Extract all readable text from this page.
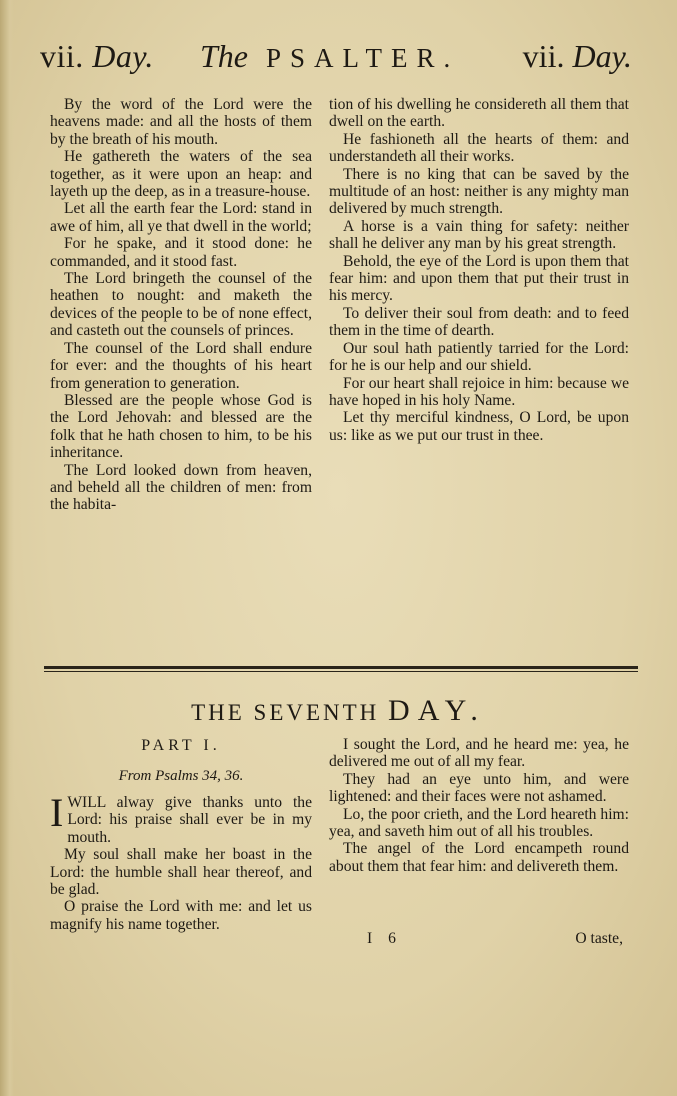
vii. Day. The PSALTER. vii. Day.

By the word of the Lord were the heavens made: and all the hosts of them by the breath of his mouth.

He gathereth the waters of the sea together, as it were upon an heap: and layeth up the deep, as in a treasure-house.

Let all the earth fear the Lord: stand in awe of him, all ye that dwell in the world;

For he spake, and it stood done: he commanded, and it stood fast.

The Lord bringeth the counsel of the heathen to nought: and maketh the devices of the people to be of none effect, and casteth out the counsels of princes.

The counsel of the Lord shall endure for ever: and the thoughts of his heart from generation to generation.

Blessed are the people whose God is the Lord Jehovah: and blessed are the folk that he hath chosen to him, to be his inheritance.

The Lord looked down from heaven, and beheld all the children of men: from the habita-

tion of his dwelling he considereth all them that dwell on the earth.

He fashioneth all the hearts of them: and understandeth all their works.

There is no king that can be saved by the multitude of an host: neither is any mighty man delivered by much strength.

A horse is a vain thing for safety: neither shall he deliver any man by his great strength.

Behold, the eye of the Lord is upon them that fear him: and upon them that put their trust in his mercy.

To deliver their soul from death: and to feed them in the time of dearth.

Our soul hath patiently tarried for the Lord: for he is our help and our shield.

For our heart shall rejoice in him: because we have hoped in his holy Name.

Let thy merciful kindness, O Lord, be upon us: like as we put our trust in thee.

THE SEVENTH DAY.
PART I.
From Psalms 34, 36.

IWILL alway give thanks unto the Lord: his praise shall ever be in my mouth.

My soul shall make her boast in the Lord: the humble shall hear thereof, and be glad.

O praise the Lord with me: and let us magnify his name together.

I sought the Lord, and he heard me: yea, he delivered me out of all my fear.

They had an eye unto him, and were lightened: and their faces were not ashamed.

Lo, the poor crieth, and the Lord heareth him: yea, and saveth him out of all his troubles.

The angel of the Lord encampeth round about them that fear him: and delivereth them.

I 6	O taste,
